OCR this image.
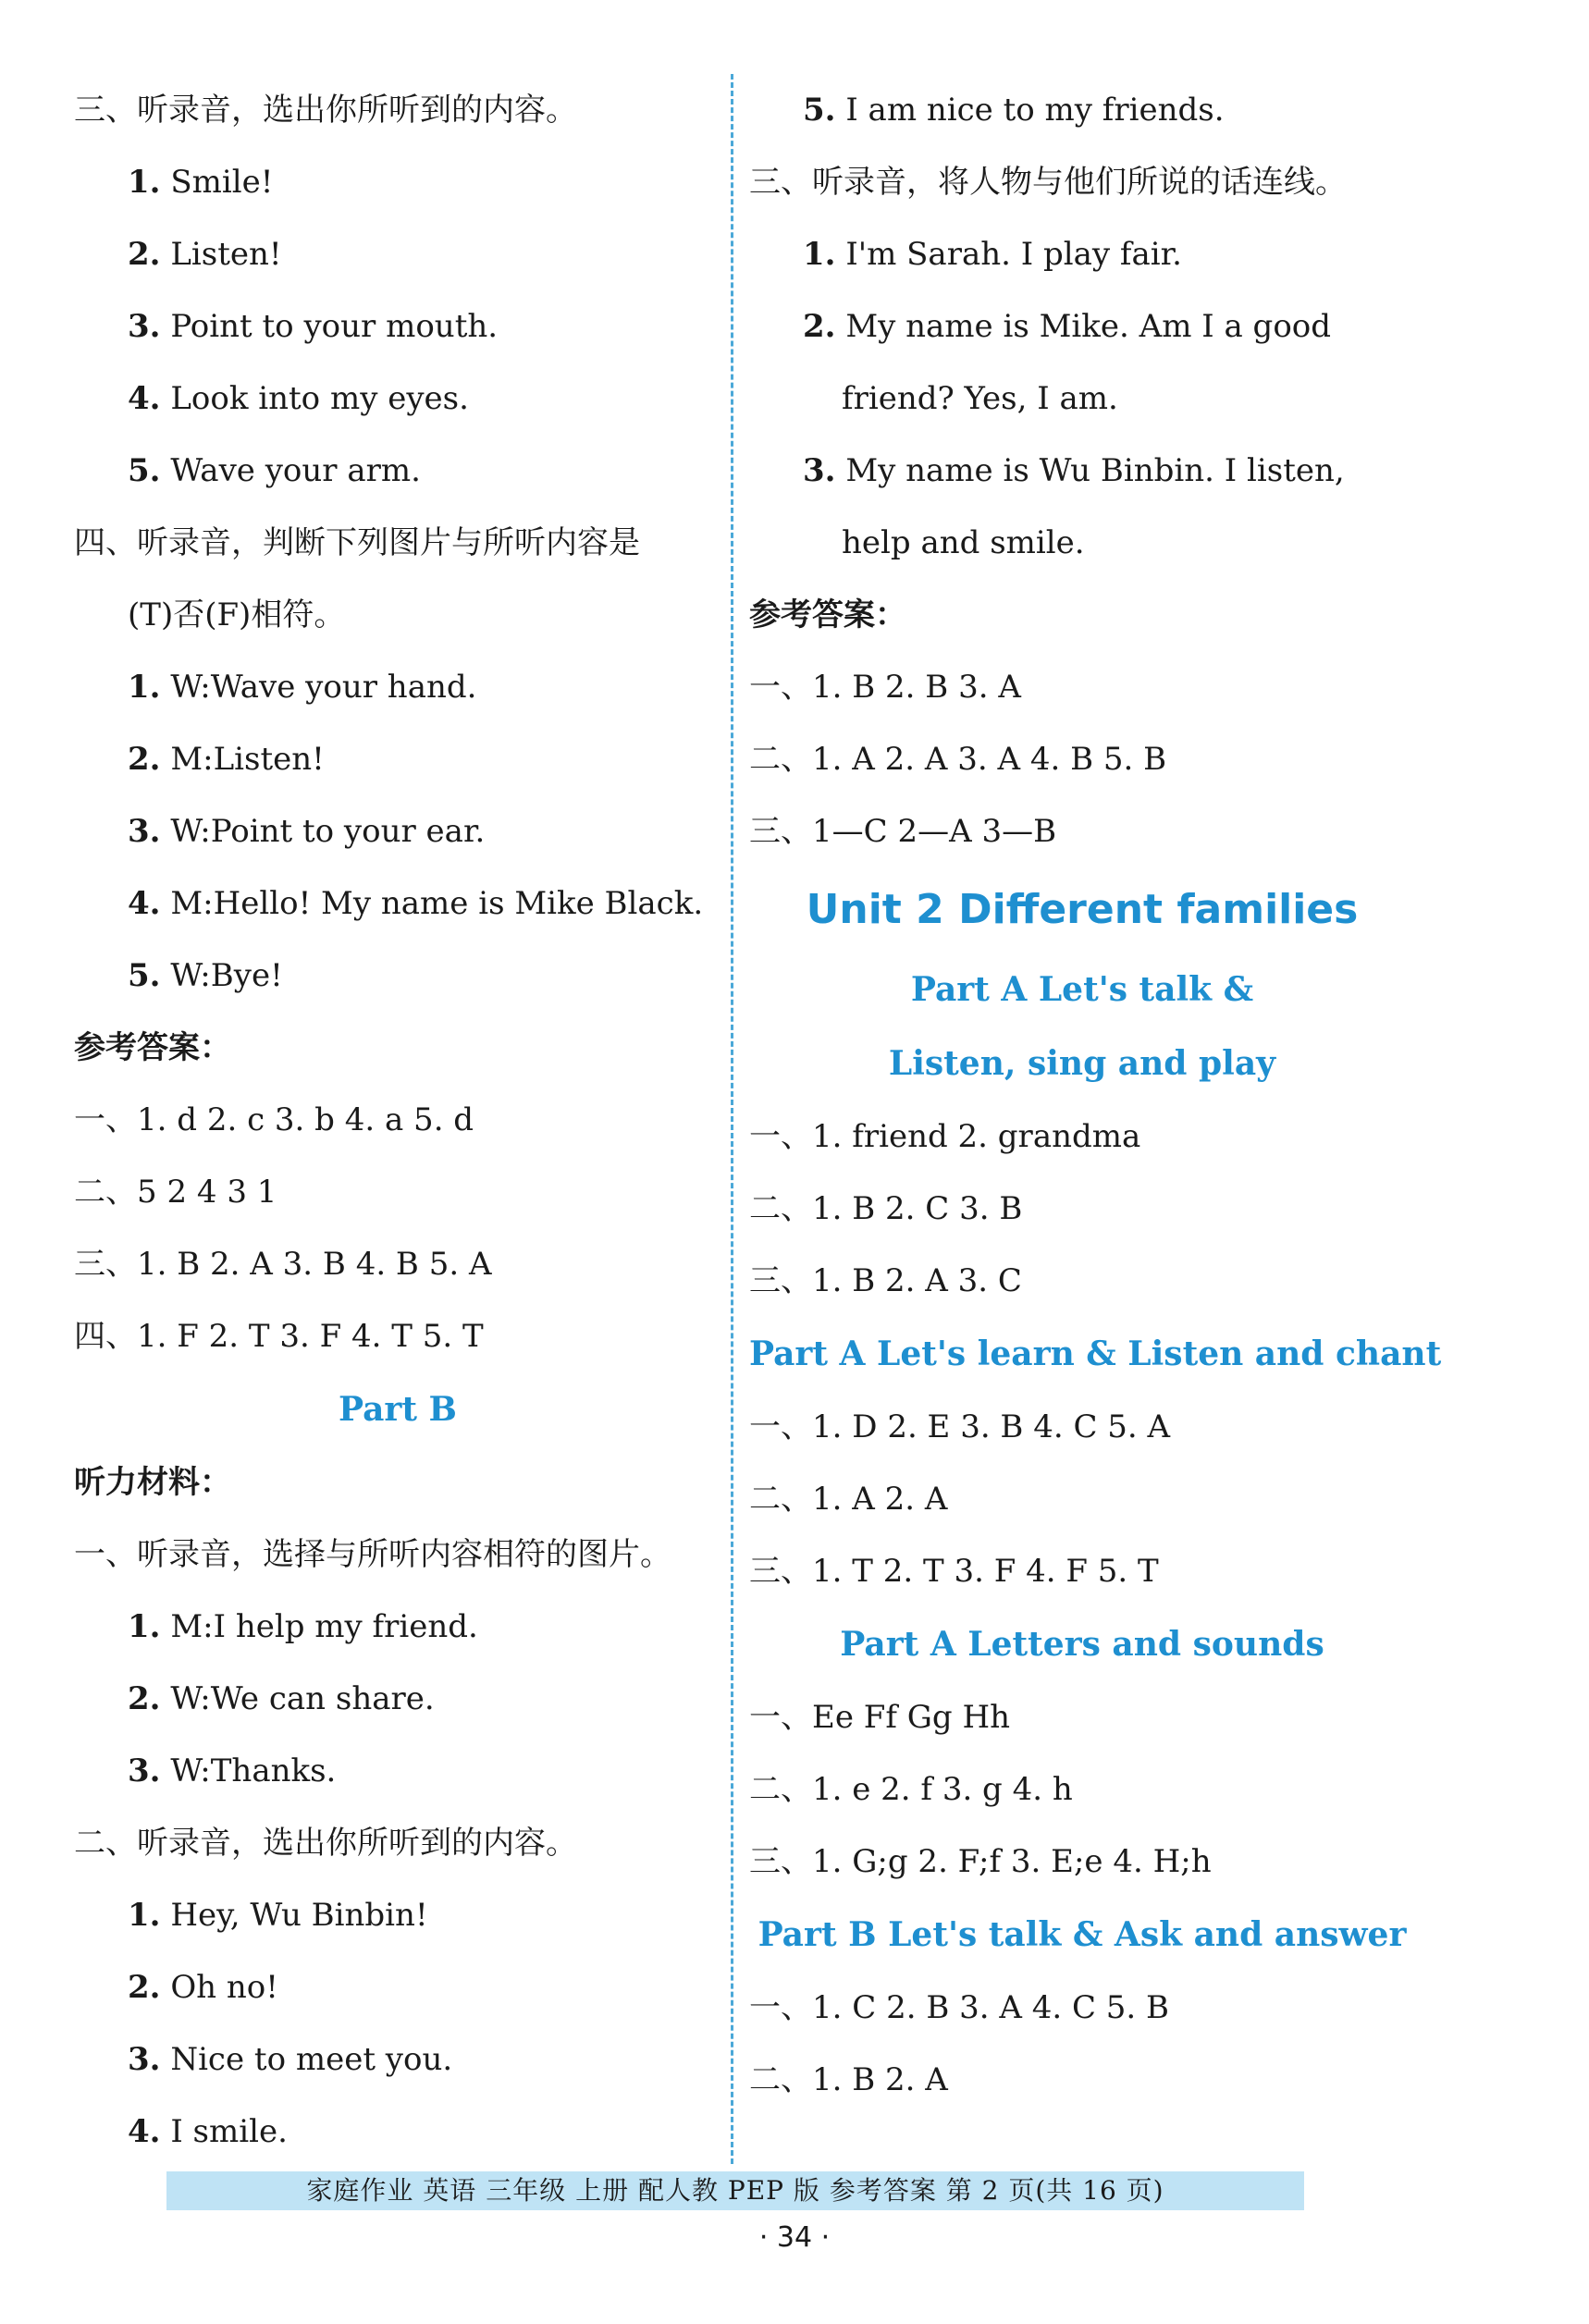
三、听录音，选出你所听到的内容。
1. Smile!
2. Listen!
3. Point to your mouth.
4. Look into my eyes.
5. Wave your arm.
四、听录音，判断下列图片与所听内容是
(T)否(F)相符。
1. W:Wave your hand.
2. M:Listen!
3. W:Point to your ear.
4. M:Hello! My name is Mike Black.
5. W:Bye!
参考答案：
一、1. d 2. c 3. b 4. a 5. d
二、5 2 4 3 1
三、1. B 2. A 3. B 4. B 5. A
四、1. F 2. T 3. F 4. T 5. T
Part B
听力材料：
一、听录音，选择与所听内容相符的图片。
1. M:I help my friend.
2. W:We can share.
3. W:Thanks.
二、听录音，选出你所听到的内容。
1. Hey, Wu Binbin!
2. Oh no!
3. Nice to meet you.
4. I smile.
5. I am nice to my friends.
三、听录音，将人物与他们所说的话连线。
1. I'm Sarah. I play fair.
2. My name is Mike. Am I a good
friend? Yes, I am.
3. My name is Wu Binbin. I listen,
help and smile.
参考答案：
一、1. B 2. B 3. A
二、1. A 2. A 3. A 4. B 5. B
三、1—C 2—A 3—B
Unit 2 Different families
Part A Let's talk &
Listen, sing and play
一、1. friend 2. grandma
二、1. B 2. C 3. B
三、1. B 2. A 3. C
Part A Let's learn & Listen and chant
一、1. D 2. E 3. B 4. C 5. A
二、1. A 2. A
三、1. T 2. T 3. F 4. F 5. T
Part A Letters and sounds
一、Ee Ff Gg Hh
二、1. e 2. f 3. g 4. h
三、1. G;g 2. F;f 3. E;e 4. H;h
Part B Let's talk & Ask and answer
一、1. C 2. B 3. A 4. C 5. B
二、1. B 2. A
家庭作业 英语 三年级 上册 配人教 PEP 版 参考答案 第 2 页(共 16 页)
· 34 ·
